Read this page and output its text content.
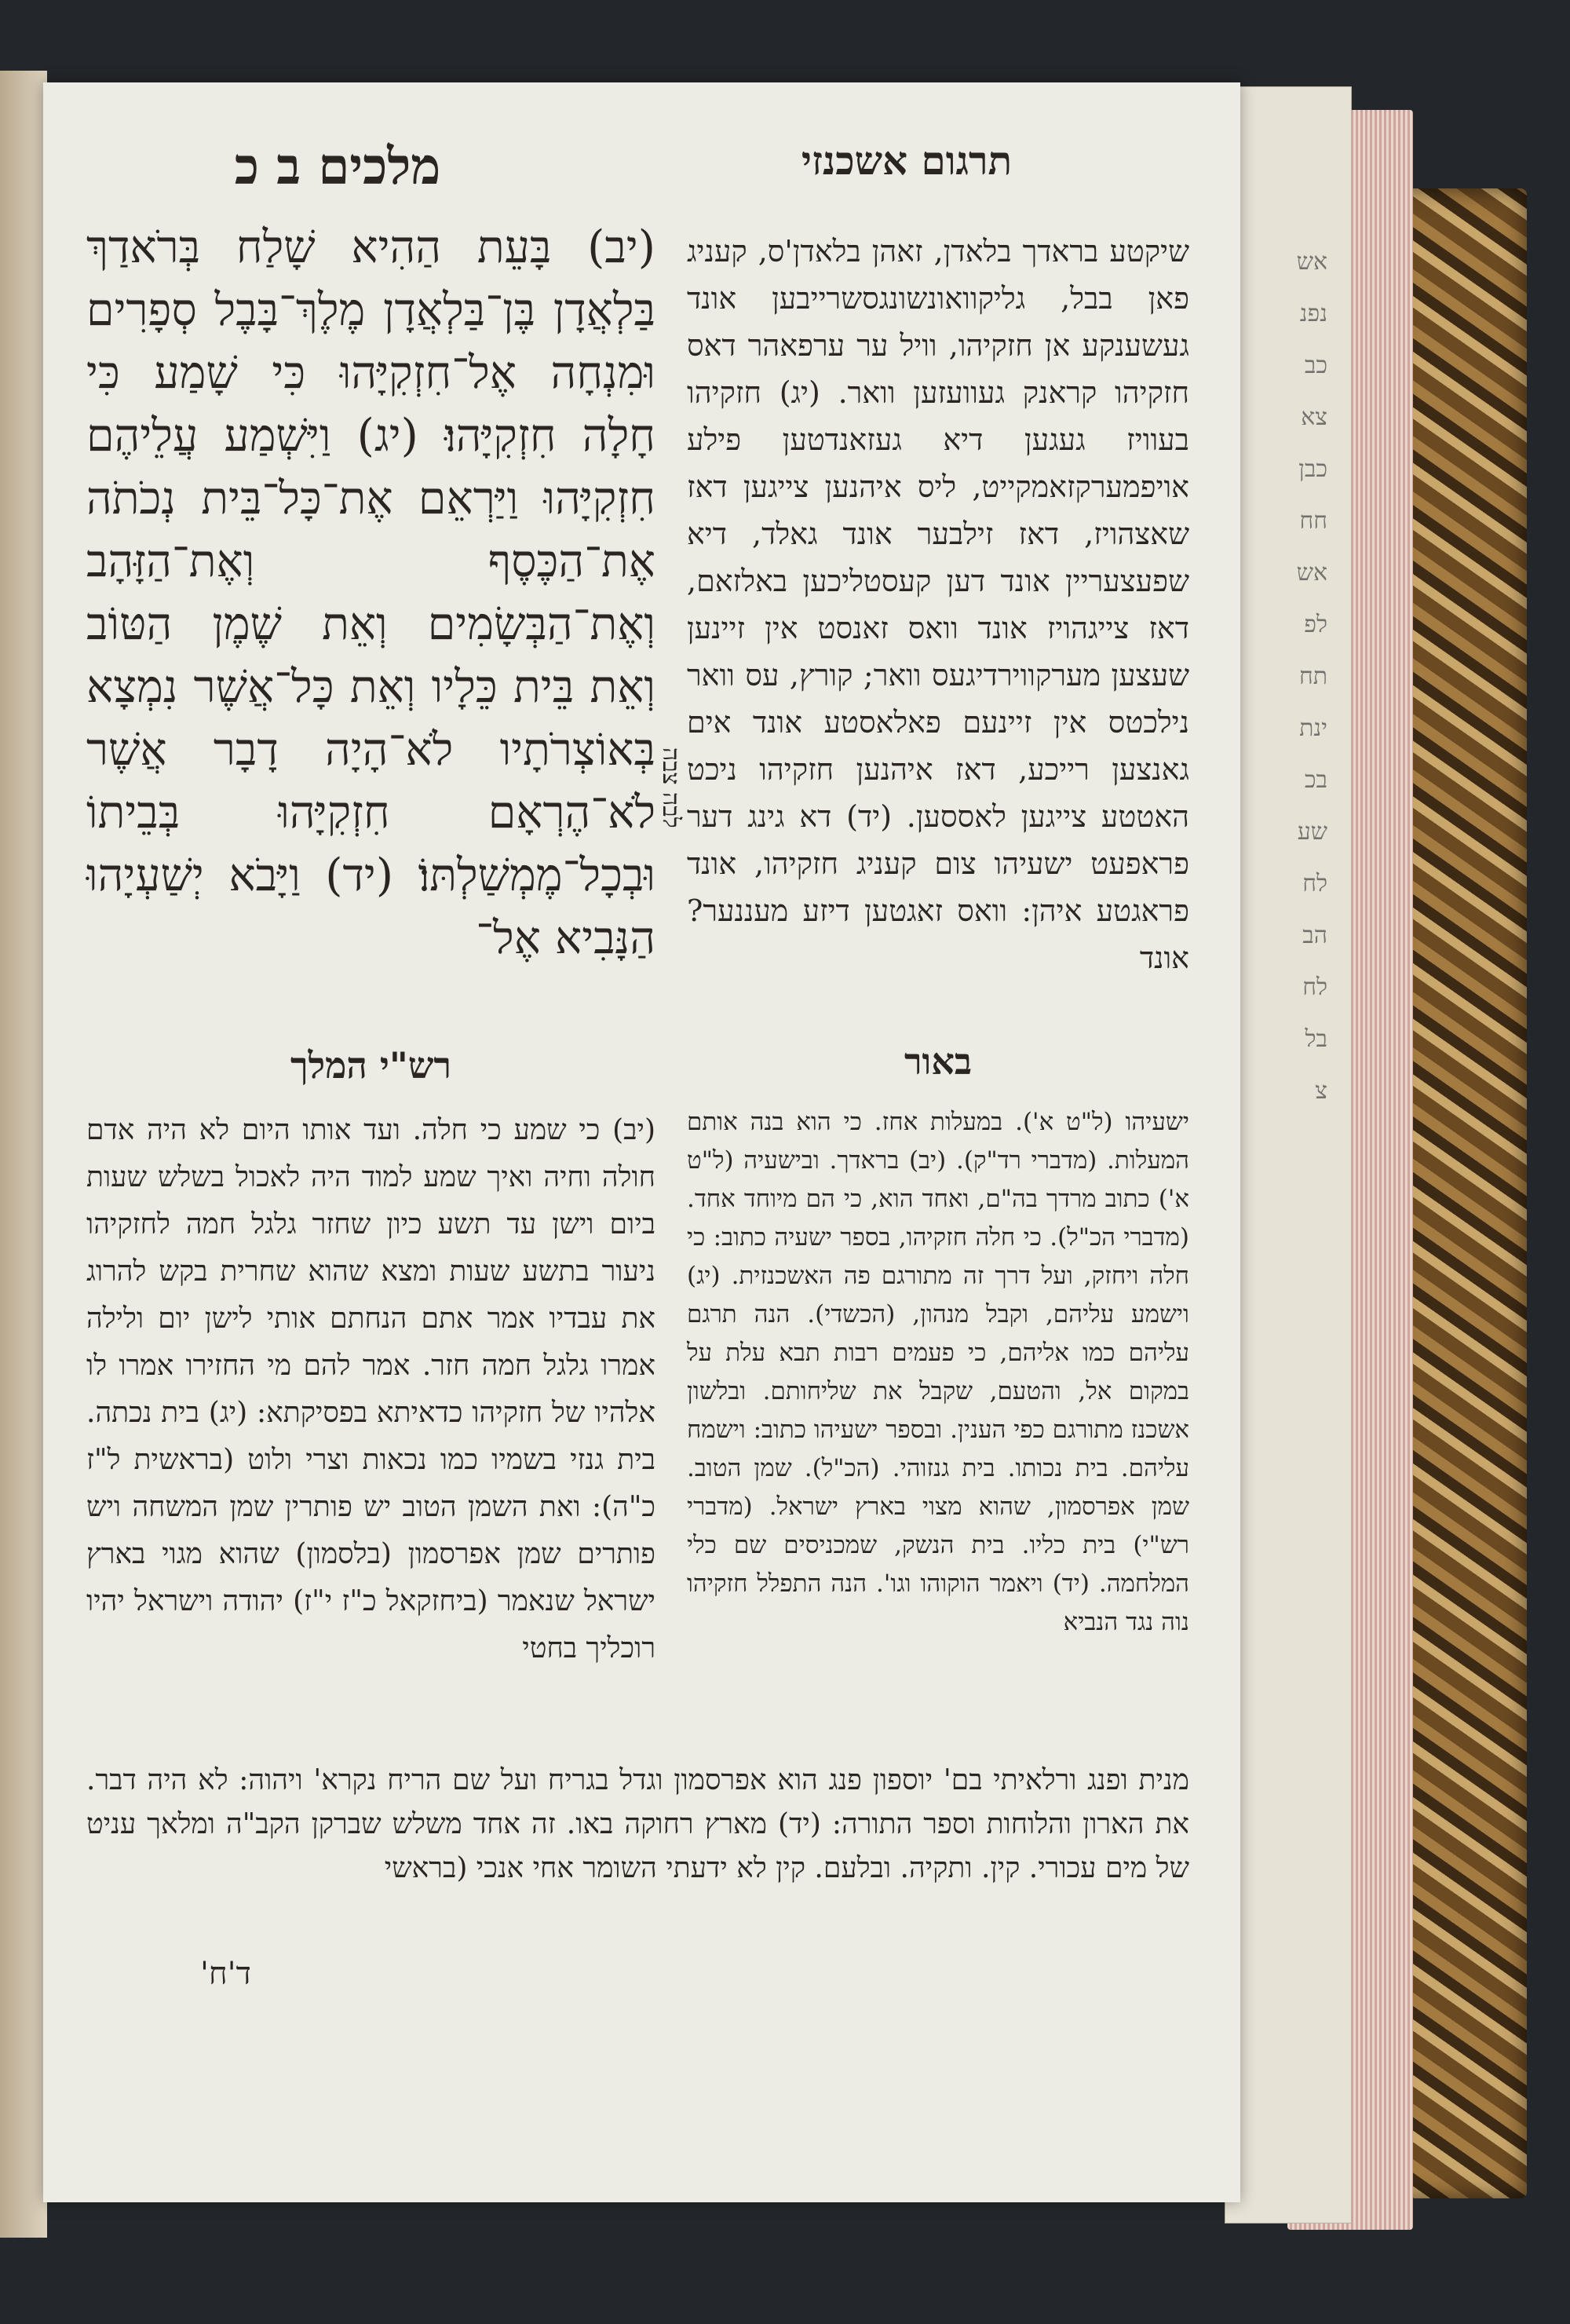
אשנפנכבצאכבןחחאשלפתחינתבכשעלחהבלחבלצ
מלכים ב כ	תרגום אשכנזי
(יב) בָּעֵת הַהִיא שָׁלַח בְּרֹאדַךְ בַּלְאֲדָן בֶּן־בַּלְאֲדָן מֶלֶךְ־בָּבֶל סְפָרִים וּמִנְחָה אֶל־חִזְקִיָּהוּ כִּי שָׁמַע כִּי חָלָה חִזְקִיָּהוּ׃ (יג) וַיִּשְׁמַע עֲלֵיהֶם חִזְקִיָּהוּ וַיַּרְאֵם אֶת־כָּל־בֵּית נְכֹתֹה אֶת־הַכֶּסֶף וְאֶת־הַזָּהָב וְאֶת־הַבְּשָׂמִים וְאֵת שֶׁמֶן הַטּוֹב וְאֵת בֵּית כֵּלָיו וְאֵת כָּל־אֲשֶׁר נִמְצָא בְּאוֹצְרֹתָיו לֹא־הָיָה דָבָר אֲשֶׁר לֹא־הֶרְאָם חִזְקִיָּהוּ בְּבֵיתוֹ וּבְכָל־מֶמְשַׁלְתּוֹ׃ (יד) וַיָּבֹא יְשַׁעְיָהוּ הַנָּבִיא אֶל־
לבה צבה
שיקטע בראדך בלאדן, זאהן בלאדן'ס, קעניג פאן בבל, גליקוואונשונגסשרייבען אונד געשענקע אן חזקיהו, וויל ער ערפאהר דאס חזקיהו קראנק געוועזען וואר. (יג) חזקיהו בעוויז געגען דיא געזאנדטען פילע אויפמערקזאמקייט, ליס איהנען צייגען דאז שאצהויז, דאז זילבער אונד גאלד, דיא שפעצעריין אונד דען קעסטליכען באלזאם, דאז צייגהויז אונד וואס זאנסט אין זיינען שעצען מערקווירדיגעס וואר; קורץ, עס וואר נילכטס אין זיינעם פאלאסטע אונד אים גאנצען רייכע, דאז איהנען חזקיהו ניכט האטטע צייגען לאססען. (יד) דא גינג דער פראפעט ישעיהו צום קעניג חזקיהו, אונד פראגטע איהן: וואס זאגטען דיזע מעננער? אונד
רש"י המלך	באור
(יב) כי שמע כי חלה. ועד אותו היום לא היה אדם חולה וחיה ואיך שמע למוד היה לאכול בשלש שעות ביום וישן עד תשע כיון שחזר גלגל חמה לחזקיהו ניעור בתשע שעות ומצא שהוא שחרית בקש להרוג את עבדיו אמר אתם הנחתם אותי לישן יום ולילה אמרו גלגל חמה חזר. אמר להם מי החזירו אמרו לו אלהיו של חזקיהו כדאיתא בפסיקתא: (יג) בית נכתה. בית גנזי בשמיו כמו נכאות וצרי ולוט (בראשית ל"ז כ"ה): ואת השמן הטוב יש פותרין שמן המשחה ויש פותרים שמן אפרסמון (בלסמון) שהוא מגוי בארץ ישראל שנאמר (ביחזקאל כ"ז י"ז) יהודה וישראל יהיו רוכליך בחטי
ישעיהו (ל"ט א'). במעלות אחז. כי הוא בנה אותם המעלות. (מדברי רד"ק). (יב) בראדך. ובישעיה (ל"ט א') כתוב מרדך בה"ם, ואחד הוא, כי הם מיוחד אחד. (מדברי הכ"ל). כי חלה חזקיהו, בספר ישעיה כתוב: כי חלה ויחזק, ועל דרך זה מתורגם פה האשכנזית. (יג) וישמע עליהם, וקבל מנהון, (הכשדי). הנה תרגם עליהם כמו אליהם, כי פעמים רבות תבא עלת על במקום אל, והטעם, שקבל את שליחותם. ובלשון אשכנז מתורגם כפי הענין. ובספר ישעיהו כתוב: וישמח עליהם. בית נכותו. בית גנזוהי. (הכ"ל). שמן הטוב. שמן אפרסמון, שהוא מצוי בארץ ישראל. (מדברי רש"י) בית כליו. בית הנשק, שמכניסים שם כלי המלחמה. (יד) ויאמר הוקוהו וגו'. הנה התפלל חזקיהו נוה נגד הנביא
מנית ופנג ורלאיתי בם' יוספון פנג הוא אפרסמון וגדל בגריח ועל שם הריח נקרא' ויהוה: לא היה דבר. את הארון והלוחות וספר התורה: (יד) מארץ רחוקה באו. זה אחד משלש שברקן הקב"ה ומלאך עניט של מים עכורי. קין. ותקיה. ובלעם. קין לא ידעתי השומר אחי אנכי (בראשי
ד'ח'
